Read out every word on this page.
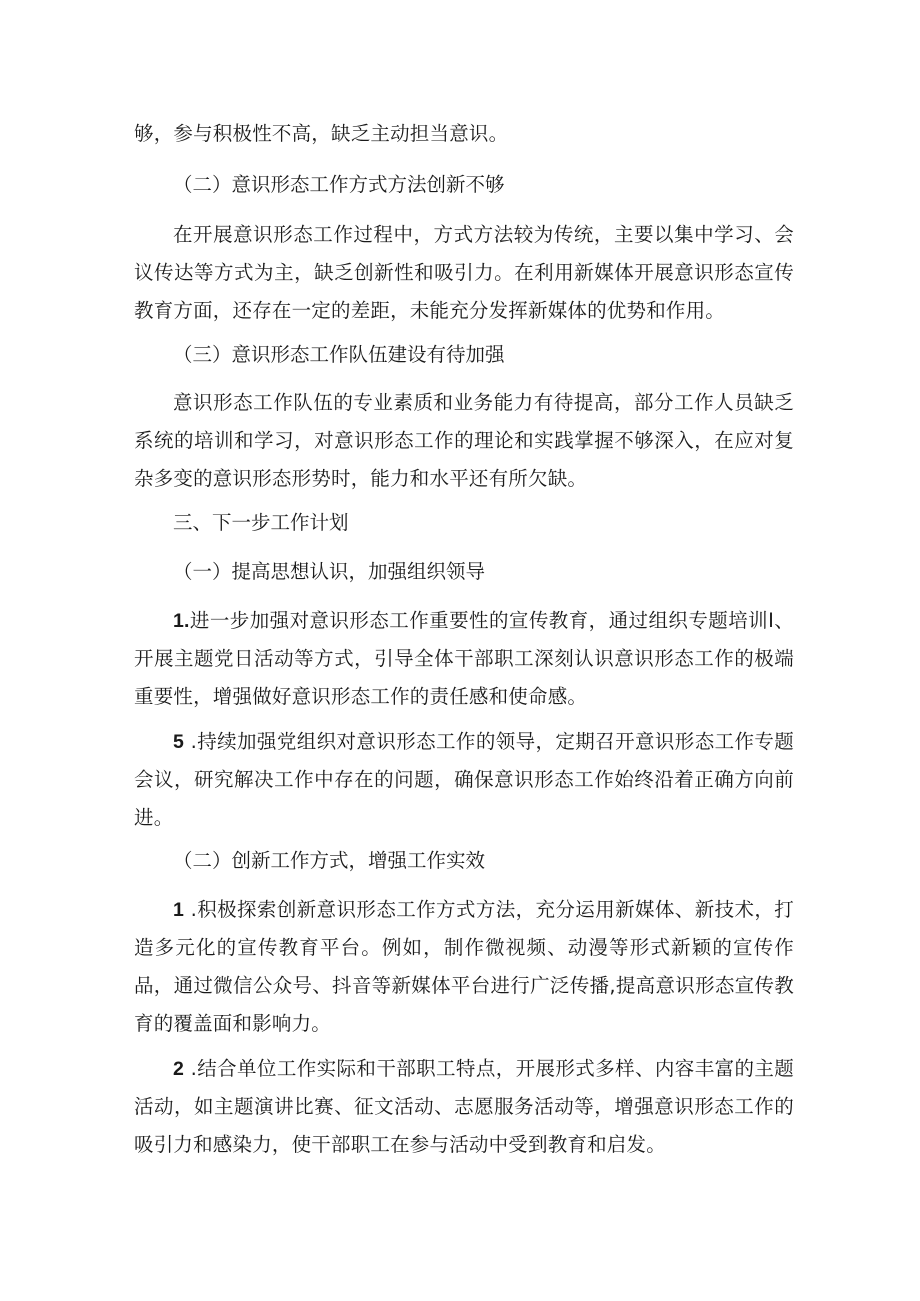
够，参与积极性不高，缺乏主动担当意识。

（二）意识形态工作方式方法创新不够

在开展意识形态工作过程中，方式方法较为传统，主要以集中学习、会议传达等方式为主，缺乏创新性和吸引力。在利用新媒体开展意识形态宣传教育方面，还存在一定的差距，未能充分发挥新媒体的优势和作用。

（三）意识形态工作队伍建设有待加强

意识形态工作队伍的专业素质和业务能力有待提高，部分工作人员缺乏系统的培训和学习，对意识形态工作的理论和实践掌握不够深入，在应对复杂多变的意识形态形势时，能力和水平还有所欠缺。

三、下一步工作计划

（一）提高思想认识，加强组织领导

1.进一步加强对意识形态工作重要性的宣传教育，通过组织专题培训I、开展主题党日活动等方式，引导全体干部职工深刻认识意识形态工作的极端重要性，增强做好意识形态工作的责任感和使命感。

5 .持续加强党组织对意识形态工作的领导，定期召开意识形态工作专题会议，研究解决工作中存在的问题，确保意识形态工作始终沿着正确方向前进。

（二）创新工作方式，增强工作实效

1 .积极探索创新意识形态工作方式方法，充分运用新媒体、新技术，打造多元化的宣传教育平台。例如，制作微视频、动漫等形式新颖的宣传作品，通过微信公众号、抖音等新媒体平台进行广泛传播,提高意识形态宣传教育的覆盖面和影响力。

2 .结合单位工作实际和干部职工特点，开展形式多样、内容丰富的主题活动，如主题演讲比赛、征文活动、志愿服务活动等，增强意识形态工作的吸引力和感染力，使干部职工在参与活动中受到教育和启发。
